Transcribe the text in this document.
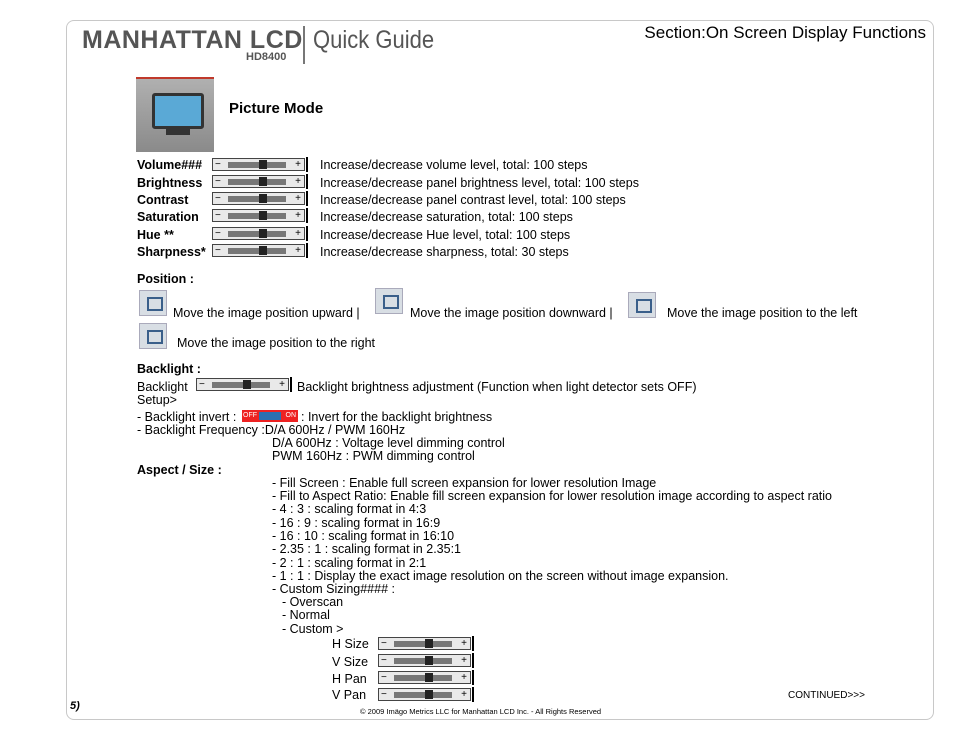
MANHATTAN LCD
HD8400
Quick Guide	Section:On Screen Display Functions
Picture Mode
Volume### −	+ Increase/decrease volume level, total: 100 steps
Brightness −	+ Increase/decrease panel brightness level, total: 100 steps
Contrast	−	+ Increase/decrease panel contrast level, total: 100 steps
Saturation −	+ Increase/decrease saturation, total: 100 steps
Hue **	−	+ Increase/decrease Hue level, total: 100 steps
Sharpness* −	+ Increase/decrease sharpness, total: 30 steps
Position :
Move the image position upward |	Move the image position downward |	Move the image position to the left
Move the image position to the right
Backlight :
Backlight −	+ Backlight brightness adjustment (Function when light detector sets OFF)
Setup>
- Backlight invert : OFF	ON : Invert for the backlight brightness
- Backlight Frequency :D/A 600Hz / PWM 160Hz
D/A 600Hz : Voltage level dimming control
PWM 160Hz : PWM dimming control
Aspect / Size :
- Fill Screen : Enable full screen expansion for lower resolution Image
- Fill to Aspect Ratio: Enable fill screen expansion for lower resolution image according to aspect ratio
- 4 : 3 : scaling format in 4:3
- 16 : 9 : scaling format in 16:9
- 16 : 10 : scaling format in 16:10
- 2.35 : 1 : scaling format in 2.35:1
- 2 : 1 : scaling format in 2:1
- 1 : 1 : Display the exact image resolution on the screen without image expansion.
- Custom Sizing#### :
- Overscan
- Normal
- Custom >
H Size −	+
V Size −	+
H Pan −	+
V Pan −	+
5)
CONTINUED>>>
© 2009 Imägo Metrics LLC for Manhattan LCD Inc. - All Rights Reserved
